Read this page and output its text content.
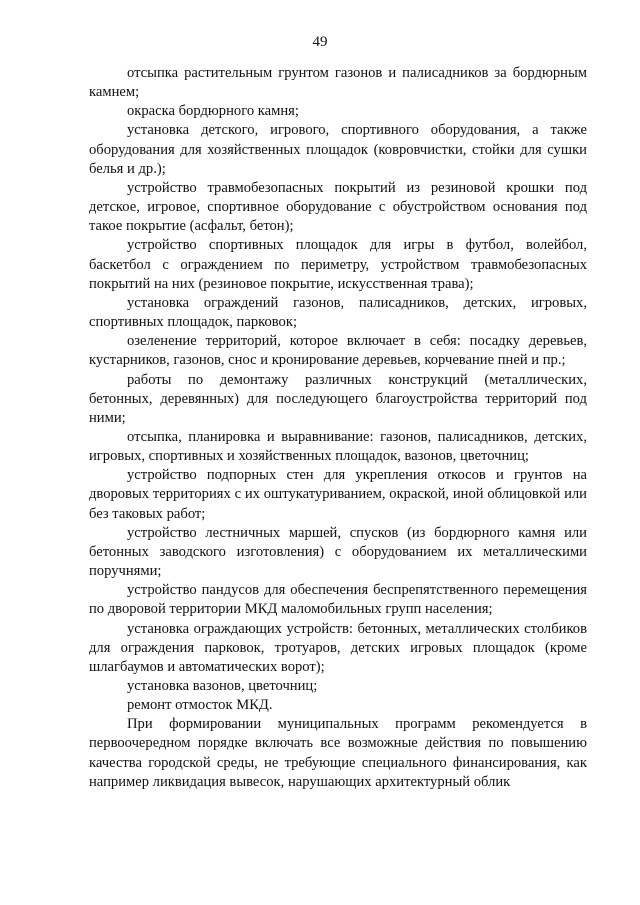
49

отсыпка растительным грунтом газонов и палисадников за бордюрным камнем;

окраска бордюрного камня;

установка детского, игрового, спортивного оборудования, а также оборудования для хозяйственных площадок (ковровчистки, стойки для сушки белья и др.);

устройство травмобезопасных покрытий из резиновой крошки под детское, игровое, спортивное оборудование с обустройством основания под такое покрытие (асфальт, бетон);

устройство спортивных площадок для игры в футбол, волейбол, баскетбол с ограждением по периметру, устройством травмобезопасных покрытий на них (резиновое покрытие, искусственная трава);

установка ограждений газонов, палисадников, детских, игровых, спортивных площадок, парковок;

озеленение территорий, которое включает в себя: посадку деревьев, кустарников, газонов, снос и кронирование деревьев, корчевание пней и пр.;

работы по демонтажу различных конструкций (металлических, бетонных, деревянных) для последующего благоустройства территорий под ними;

отсыпка, планировка и выравнивание: газонов, палисадников, детских, игровых, спортивных и хозяйственных площадок, вазонов, цветочниц;

устройство подпорных стен для укрепления откосов и грунтов на дворовых территориях с их оштукатуриванием, окраской, иной облицовкой или без таковых работ;

устройство лестничных маршей, спусков (из бордюрного камня или бетонных заводского изготовления) с оборудованием их металлическими поручнями;

устройство пандусов для обеспечения беспрепятственного перемещения по дворовой территории МКД маломобильных групп населения;

установка ограждающих устройств: бетонных, металлических столбиков для ограждения парковок, тротуаров, детских игровых площадок (кроме шлагбаумов и автоматических ворот);

установка вазонов, цветочниц;

ремонт отмосток МКД.

При формировании муниципальных программ рекомендуется в первоочередном порядке включать все возможные действия по повышению качества городской среды, не требующие специального финансирования, как например ликвидация вывесок, нарушающих архитектурный облик
